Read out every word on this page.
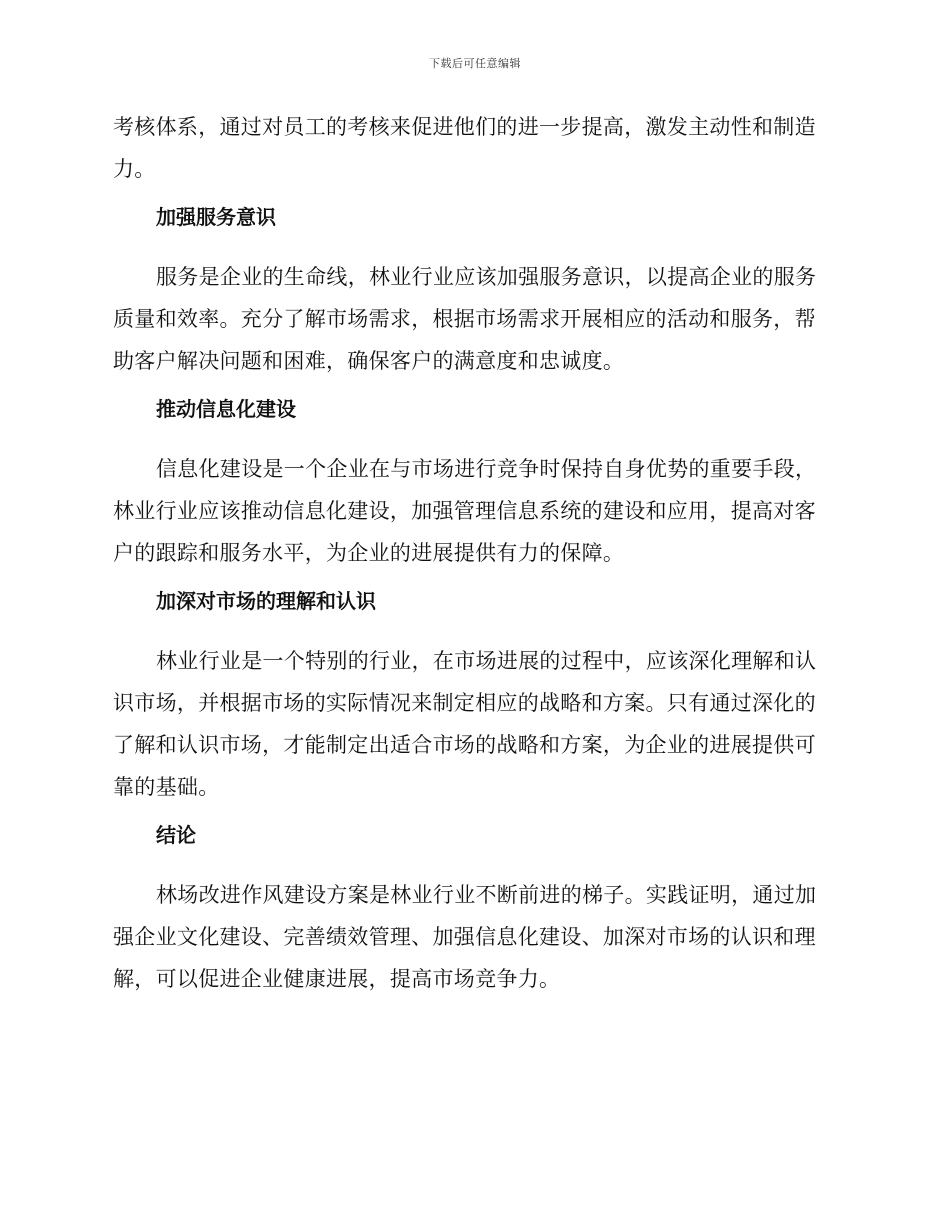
下载后可任意编辑

考核体系，通过对员工的考核来促进他们的进一步提高，激发主动性和制造力。

加强服务意识

服务是企业的生命线，林业行业应该加强服务意识，以提高企业的服务质量和效率。充分了解市场需求，根据市场需求开展相应的活动和服务，帮助客户解决问题和困难，确保客户的满意度和忠诚度。

推动信息化建设

信息化建设是一个企业在与市场进行竞争时保持自身优势的重要手段，林业行业应该推动信息化建设，加强管理信息系统的建设和应用，提高对客户的跟踪和服务水平，为企业的进展提供有力的保障。

加深对市场的理解和认识

林业行业是一个特别的行业，在市场进展的过程中，应该深化理解和认识市场，并根据市场的实际情况来制定相应的战略和方案。只有通过深化的了解和认识市场，才能制定出适合市场的战略和方案，为企业的进展提供可靠的基础。

结论

林场改进作风建设方案是林业行业不断前进的梯子。实践证明，通过加强企业文化建设、完善绩效管理、加强信息化建设、加深对市场的认识和理解，可以促进企业健康进展，提高市场竞争力。
